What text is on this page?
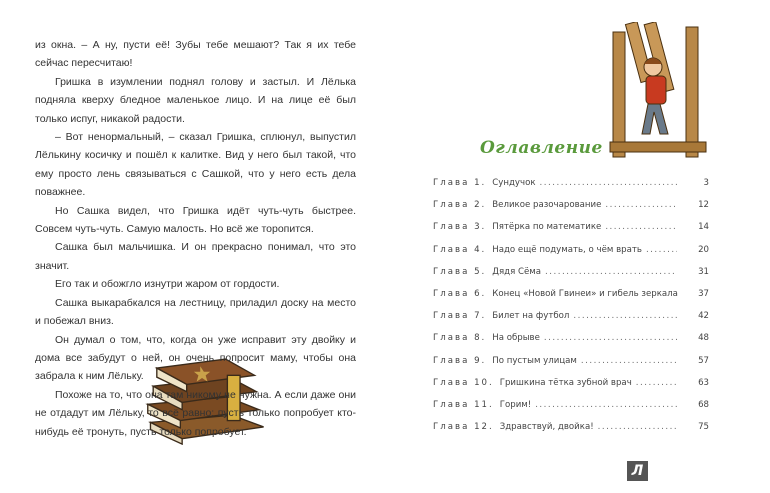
из окна. – А ну, пусти её! Зубы тебе мешают? Так я их тебе сейчас пересчитаю!

Гришка в изумлении поднял голову и застыл. И Лёлька подняла кверху бледное маленькое лицо. И на лице её был только испуг, никакой радости.

– Вот ненормальный, – сказал Гришка, сплюнул, выпустил Лёлькину косичку и пошёл к калитке. Вид у него был такой, что ему просто лень связываться с Сашкой, что у него есть дела поважнее.

Но Сашка видел, что Гришка идёт чуть-чуть быстрее. Совсем чуть-чуть. Самую малость. Но всё же торопится.

Сашка был мальчишка. И он прекрасно понимал, что это значит.

Его так и обожгло изнутри жаром от гордости.

Сашка выкарабкался на лестницу, приладил доску на место и побежал вниз.

Он думал о том, что, когда он уже исправит эту двойку и дома все забудут о ней, он очень попросит маму, чтобы она забрала к ним Лёльку.

Похоже на то, что она там никому не нужна. А если даже они не отдадут им Лёльку, то всё равно: пусть только попробует кто-нибудь её тронуть, пусть только попробует.

Оглавление
Глава 1. Сундучок .....	3
Глава 2. Великое разочарование .....	12
Глава 3. Пятёрка по математике .....	14
Глава 4. Надо ещё подумать, о чём врать .....	20
Глава 5. Дядя Сёма .....	31
Глава 6. Конец «Новой Гвинеи» и гибель зеркала	37
Глава 7. Билет на футбол .....	42
Глава 8. На обрыве .....	48
Глава 9. По пустым улицам .....	57
Глава 10. Гришкина тётка зубной врач .....	63
Глава 11. Горим! .....	68
Глава 12. Здравствуй, двойка! .....	75
Л
